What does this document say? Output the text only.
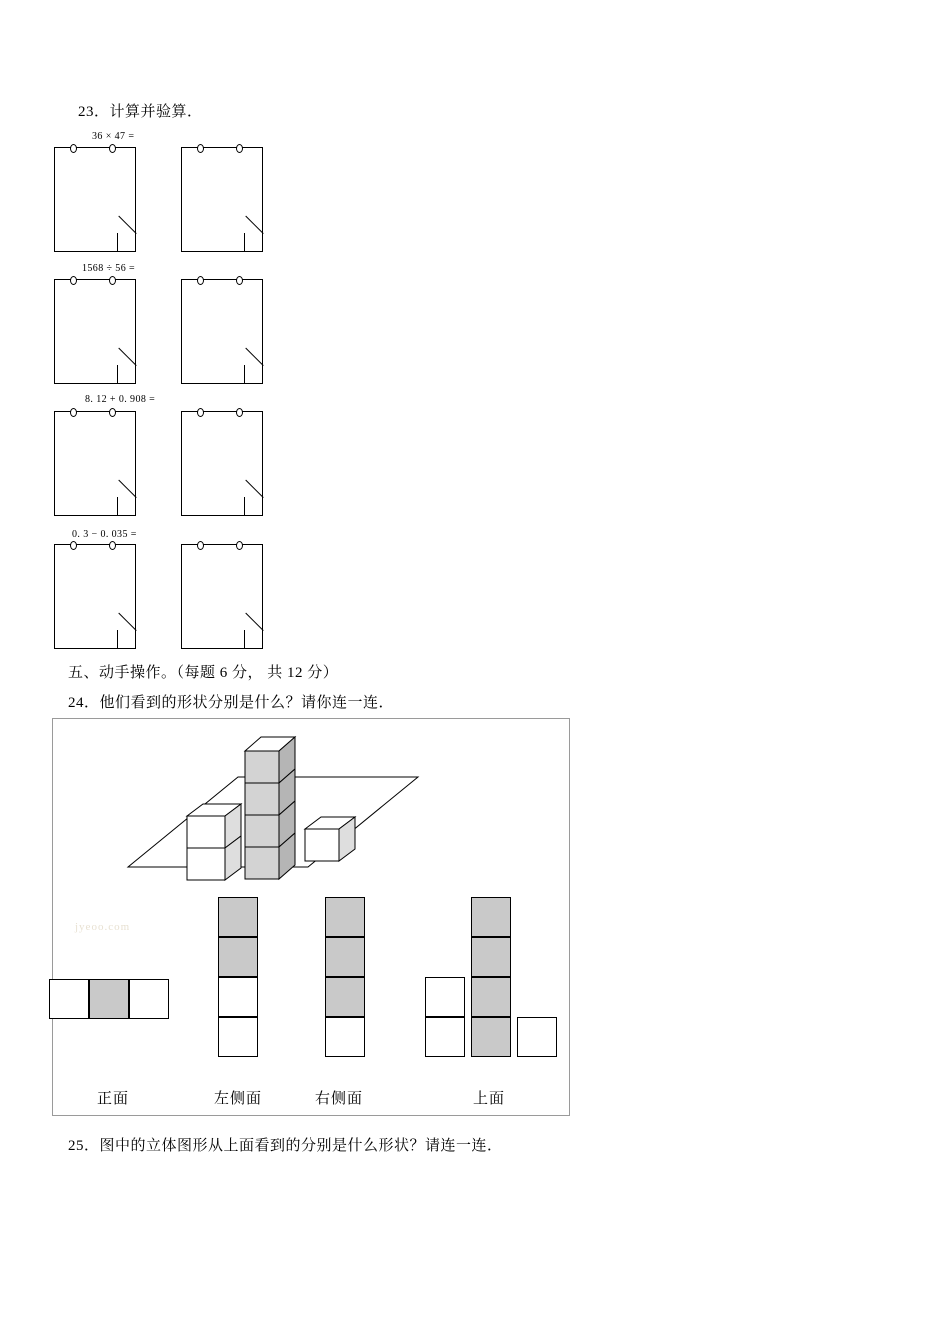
23．计算并验算．
36 × 47 =
1568 ÷ 56 =
8. 12 + 0. 908 =
0. 3 − 0. 035 =
五、动手操作。（每题 6 分， 共 12 分）
24．他们看到的形状分别是什么？请你连一连．
jyeoo.com
正面	左侧面	右侧面	上面
25．图中的立体图形从上面看到的分别是什么形状？请连一连．
